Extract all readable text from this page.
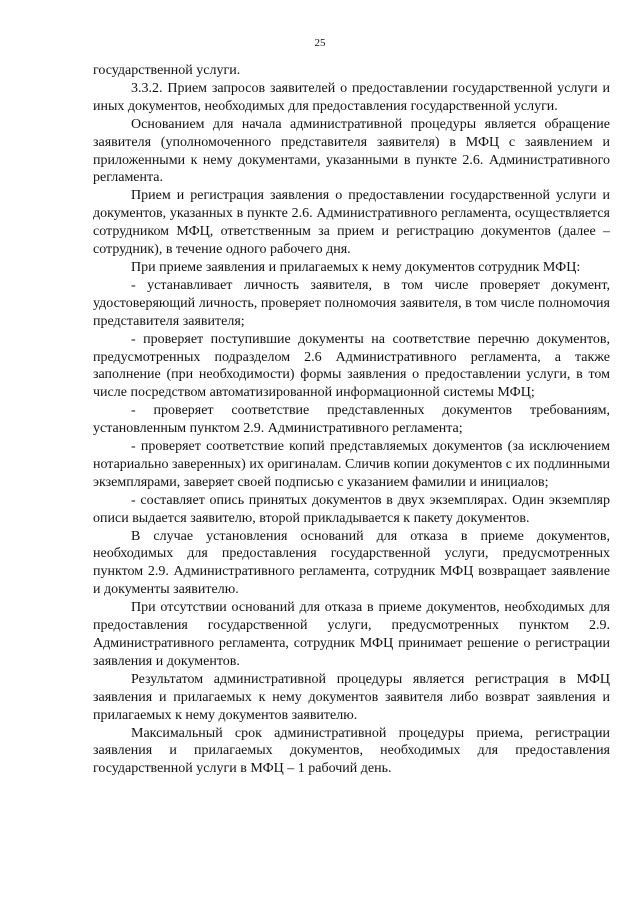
25

государственной услуги.

3.3.2. Прием запросов заявителей о предоставлении государственной услуги и иных документов, необходимых для предоставления государственной услуги.

Основанием для начала административной процедуры является обращение заявителя (уполномоченного представителя заявителя) в МФЦ с заявлением и приложенными к нему документами, указанными в пункте 2.6. Административного регламента.

Прием и регистрация заявления о предоставлении государственной услуги и документов, указанных в пункте 2.6. Административного регламента, осуществляется сотрудником МФЦ, ответственным за прием и регистрацию документов (далее – сотрудник), в течение одного рабочего дня.

При приеме заявления и прилагаемых к нему документов сотрудник МФЦ:

- устанавливает личность заявителя, в том числе проверяет документ, удостоверяющий личность, проверяет полномочия заявителя, в том числе полномочия представителя заявителя;

- проверяет поступившие документы на соответствие перечню документов, предусмотренных подразделом 2.6 Административного регламента, а также заполнение (при необходимости) формы заявления о предоставлении услуги, в том числе посредством автоматизированной информационной системы МФЦ;

- проверяет соответствие представленных документов требованиям, установленным пунктом 2.9. Административного регламента;

- проверяет соответствие копий представляемых документов (за исключением нотариально заверенных) их оригиналам. Сличив копии документов с их подлинными экземплярами, заверяет своей подписью с указанием фамилии и инициалов;

- составляет опись принятых документов в двух экземплярах. Один экземпляр описи выдается заявителю, второй прикладывается к пакету документов.

В случае установления оснований для отказа в приеме документов, необходимых для предоставления государственной услуги, предусмотренных пунктом 2.9. Административного регламента, сотрудник МФЦ возвращает заявление и документы заявителю.

При отсутствии оснований для отказа в приеме документов, необходимых для предоставления государственной услуги, предусмотренных пунктом 2.9. Административного регламента, сотрудник МФЦ принимает решение о регистрации заявления и документов.

Результатом административной процедуры является регистрация в МФЦ заявления и прилагаемых к нему документов заявителя либо возврат заявления и прилагаемых к нему документов заявителю.

Максимальный срок административной процедуры приема, регистрации заявления и прилагаемых документов, необходимых для предоставления государственной услуги в МФЦ – 1 рабочий день.
